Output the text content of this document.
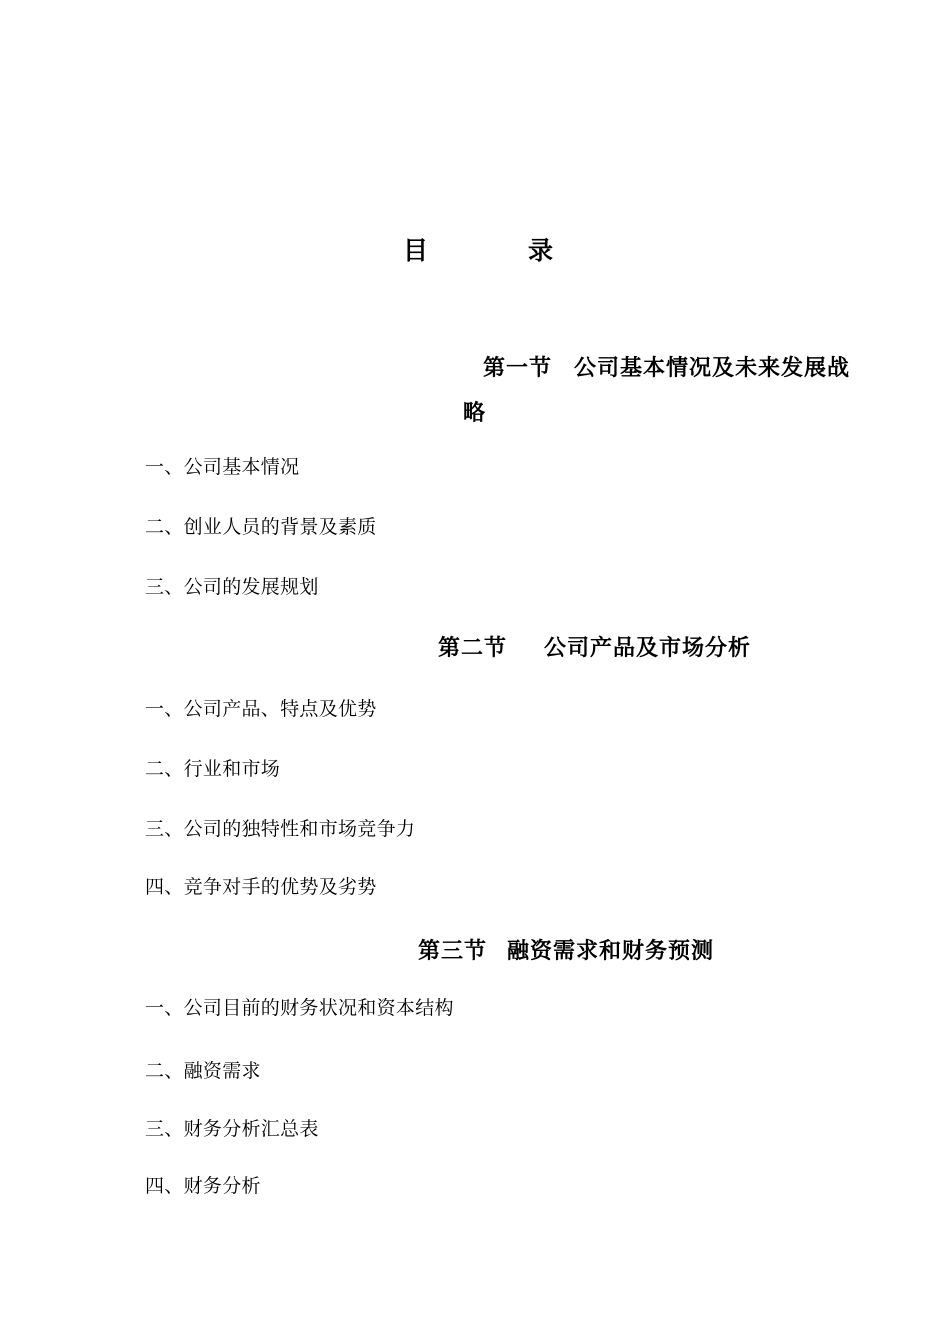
目	录
第一节 公司基本情况及未来发展战
略
一、公司基本情况
二、创业人员的背景及素质
三、公司的发展规划
第二节 公司产品及市场分析
一、公司产品、特点及优势
二、行业和市场
三、公司的独特性和市场竞争力
四、竞争对手的优势及劣势
第三节 融资需求和财务预测
一、公司目前的财务状况和资本结构
二、融资需求
三、财务分析汇总表
四、财务分析
